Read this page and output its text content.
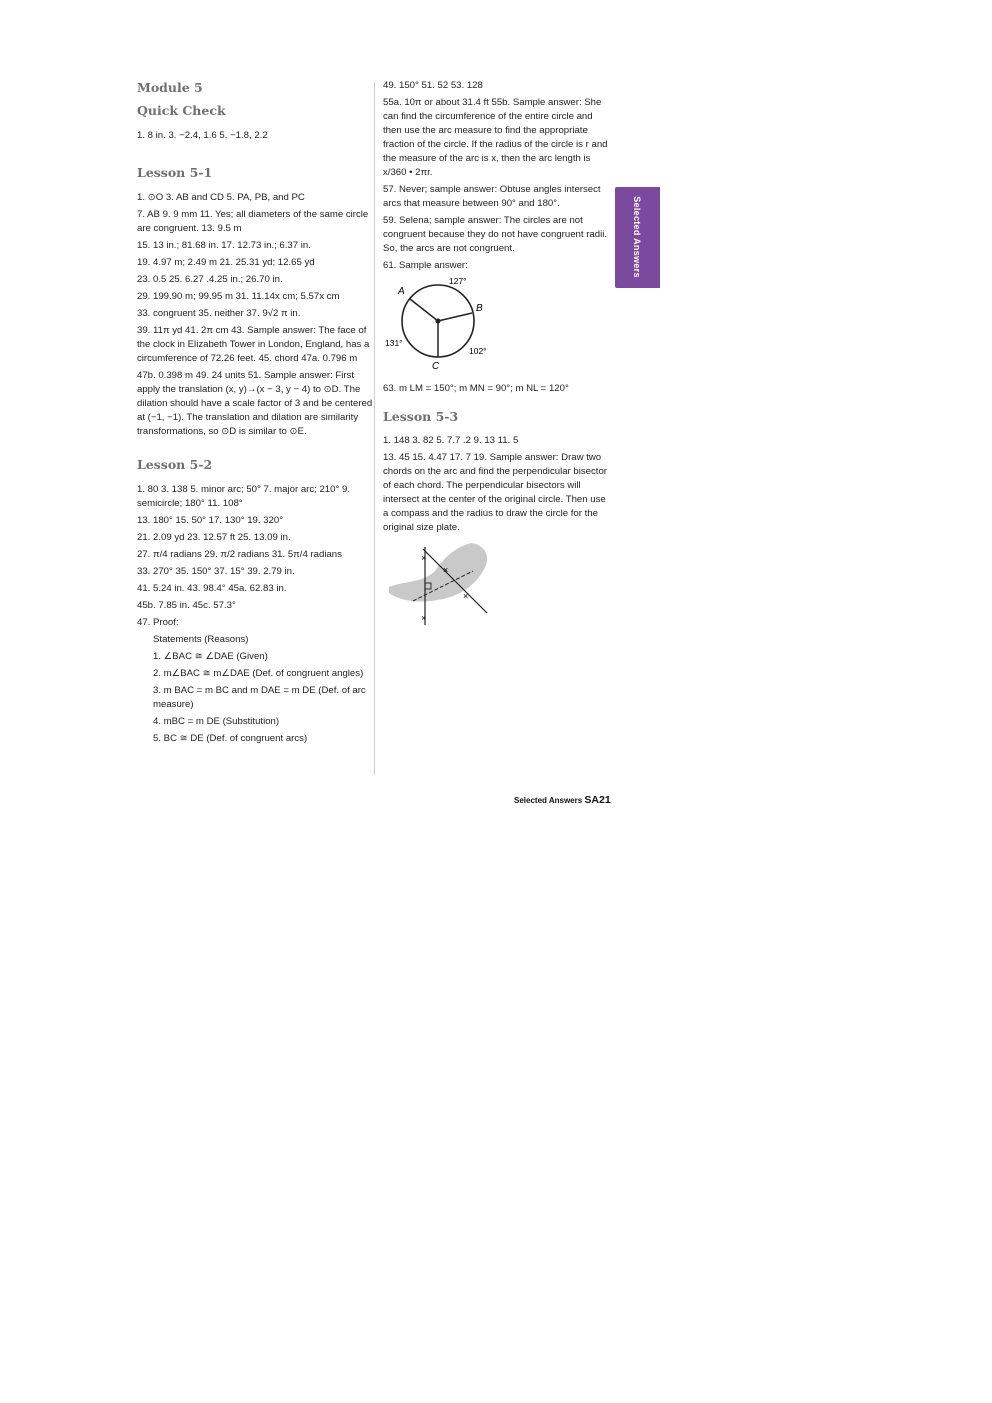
Module 5
Quick Check

1. 8 in. 3. −2.4, 1.6 5. −1.8, 2.2

Lesson 5-1

1. ⊙O 3. AB and CD 5. PA, PB, and PC

7. AB 9. 9 mm 11. Yes; all diameters of the same circle are congruent. 13. 9.5 m

15. 13 in.; 81.68 in. 17. 12.73 in.; 6.37 in.

19. 4.97 m; 2.49 m 21. 25.31 yd; 12.65 yd

23. 0.5 25. 6.27 .4.25 in.; 26.70 in.

29. 199.90 m; 99.95 m 31. 11.14x cm; 5.57x cm

33. congruent 35. neither 37. 9√2 π in.

39. 11π yd 41. 2π cm 43. Sample answer: The face of the clock in Elizabeth Tower in London, England, has a circumference of 72.26 feet. 45. chord 47a. 0.796 m

47b. 0.398 m 49. 24 units 51. Sample answer: First apply the translation (x, y)→(x − 3, y − 4) to ⊙D. The dilation should have a scale factor of 3 and be centered at (−1, −1). The translation and dilation are similarity transformations, so ⊙D is similar to ⊙E.

Lesson 5-2

1. 80 3. 138 5. minor arc; 50° 7. major arc; 210° 9. semicircle; 180° 11. 108°

13. 180° 15. 50° 17. 130° 19. 320°

21. 2.09 yd 23. 12.57 ft 25. 13.09 in.

27. π/4 radians 29. π/2 radians 31. 5π/4 radians

33. 270° 35. 150° 37. 15° 39. 2.79 in.

41. 5.24 in. 43. 98.4° 45a. 62.83 in.

45b. 7.85 in. 45c. 57.3°

47. Proof:

Statements (Reasons)

1. ∠BAC ≅ ∠DAE (Given)

2. m∠BAC ≅ m∠DAE (Def. of congruent angles)

3. m BAC = m BC and m DAE = m DE (Def. of arc measure)

4. mBC = m DE (Substitution)

5. BC ≅ DE (Def. of congruent arcs)

49. 150° 51. 52 53. 128

55a. 10π or about 31.4 ft 55b. Sample answer: She can find the circumference of the entire circle and then use the arc measure to find the appropriate fraction of the circle. If the radius of the circle is r and the measure of the arc is x, then the arc length is x/360 • 2πr.

57. Never; sample answer: Obtuse angles intersect arcs that measure between 90° and 180°.

59. Selena; sample answer: The circles are not congruent because they do not have congruent radii. So, the arcs are not congruent.

61. Sample answer:

A
B
C
127°
131°
102°

63. m LM = 150°; m MN = 90°; m NL = 120°

Lesson 5-3

1. 148 3. 82 5. 7.7 .2 9. 13 11. 5

13. 45 15. 4.47 17. 7 19. Sample answer: Draw two chords on the arc and find the perpendicular bisector of each chord. The perpendicular bisectors will intersect at the center of the original circle. Then use a compass and the radius to draw the circle for the original size plate.

×
×
×
×
Selected Answers
Selected Answers SA21
